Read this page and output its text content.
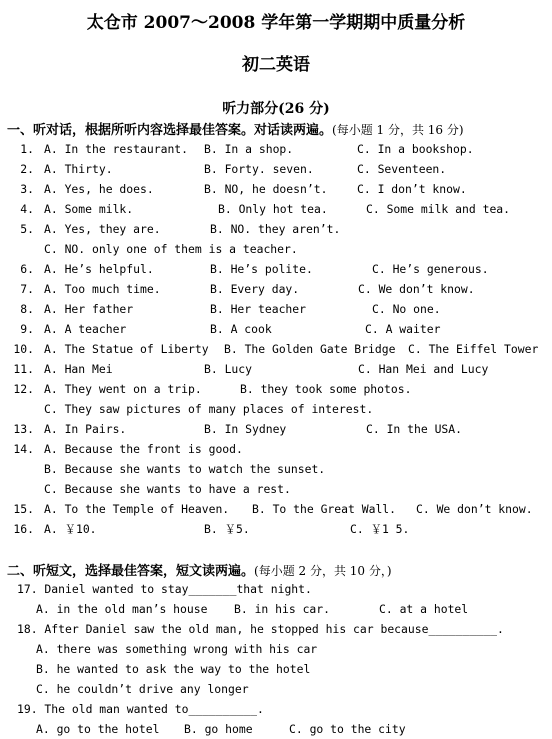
太仓市 2007～2008 学年第一学期期中质量分析
初二英语
听力部分(26 分)
一、听对话，根据所听内容选择最佳答案。对话读两遍。(每小题 1 分，共 16 分)
1. A. In the restaurant. B. In a shop.	C. In a bookshop.
2. A. Thirty.	B. Forty. seven.	C. Seventeen.
3. A. Yes, he does.	B. NO, he doesn’t.	C. I don’t know.
4. A. Some milk.	B. Only hot tea.	C. Some milk and tea.
5. A. Yes, they are.	B. NO. they aren’t.
C. NO. only one of them is a teacher.
6. A. He’s helpful.	B. He’s polite.	C. He’s generous.
7. A. Too much time.	B. Every day.	C. We don’t know.
8. A. Her father	B. Her teacher	C. No one.
9. A. A teacher	B. A cook	C. A waiter
10. A. The Statue of Liberty B. The Golden Gate Bridge C. The Eiffel Tower
11. A. Han Mei	B. Lucy	C. Han Mei and Lucy
12. A. They went on a trip.	B. they took some photos.
C. They saw pictures of many places of interest.
13. A. In Pairs.	B. In Sydney	C. In the USA.
14. A. Because the front is good.
B. Because she wants to watch the sunset.
C. Because she wants to have a rest.
15. A. To the Temple of Heaven. B. To the Great Wall. C. We don’t know.
16. A. ￥10.	B. ￥5.	C. ￥1 5.
二、听短文，选择最佳答案，短文读两遍。(每小题 2 分，共 10 分，)
17. Daniel wanted to stay_______that night.
A. in the old man’s house B. in his car.	C. at a hotel
18. After Daniel saw the old man, he stopped his car because__________.
A. there was something wrong with his car
B. he wanted to ask the way to the hotel
C. he couldn’t drive any longer
19. The old man wanted to__________.
A. go to the hotel B. go home	C. go to the city
